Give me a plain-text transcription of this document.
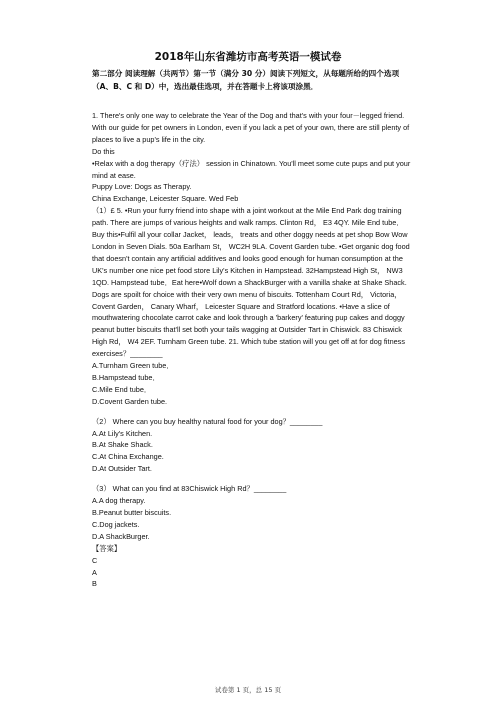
2018年山东省潍坊市高考英语一模试卷
第二部分 阅读理解（共两节）第一节（满分 30 分）阅读下列短文，从每题所给的四个选项（A、B、C 和 D）中，选出最佳选项，并在答题卡上将该项涂黑．

1. There's only one way to celebrate the Year of the Dog and that's with your four－legged friend. With our guide for pet owners in London, even if you lack a pet of your own, there are still plenty of places to live a pup's life in the city.

Do this

•Relax with a dog therapy（疗法） session in Chinatown. You'll meet some cute pups and put your mind at ease.

Puppy Love: Dogs as Therapy.

China Exchange, Leicester Square. Wed Feb

（1）£ 5. •Run your furry friend into shape with a joint workout at the Mile End Park dog training path. There are jumps of various heights and walk ramps. Clinton Rd， E3 4QY. Mile End tube．Buy this•Fulfil all your collar Jacket， leads， treats and other doggy needs at pet shop Bow Wow London in Seven Dials. 50a Earlham St， WC2H 9LA. Covent Garden tube. •Get organic dog food that doesn't contain any artificial additives and looks good enough for human consumption at the UK's number one nice pet food store Lily's Kitchen in Hampstead. 32Hampstead High St， NW3 1QD. Hampstead tube．Eat here•Wolf down a ShackBurger with a vanilla shake at Shake Shack. Dogs are spoilt for choice with their very own menu of biscuits. Tottenham Court Rd， Victoria， Covent Garden， Canary Wharf， Leicester Square and Stratford locations. •Have a slice of mouthwatering chocolate carrot cake and look through a 'barkery' featuring pup cakes and doggy peanut butter biscuits that'll set both your tails wagging at Outsider Tart in Chiswick. 83 Chiswick High Rd， W4 2EF. Turnham Green tube. 21. Which tube station will you get off at for dog fitness exercises？________

A.Turnham Green tube．

B.Hampstead tube．

C.Mile End tube．

D.Covent Garden tube.

（2） Where can you buy healthy natural food for your dog？________

A.At Lily's Kitchen.

B.At Shake Shack.

C.At China Exchange.

D.At Outsider Tart.

（3） What can you find at 83Chiswick High Rd？________

A.A dog therapy.

B.Peanut butter biscuits.

C.Dog jackets.

D.A ShackBurger.

【答案】

C

A

B

试卷第 1 页，总 15 页
